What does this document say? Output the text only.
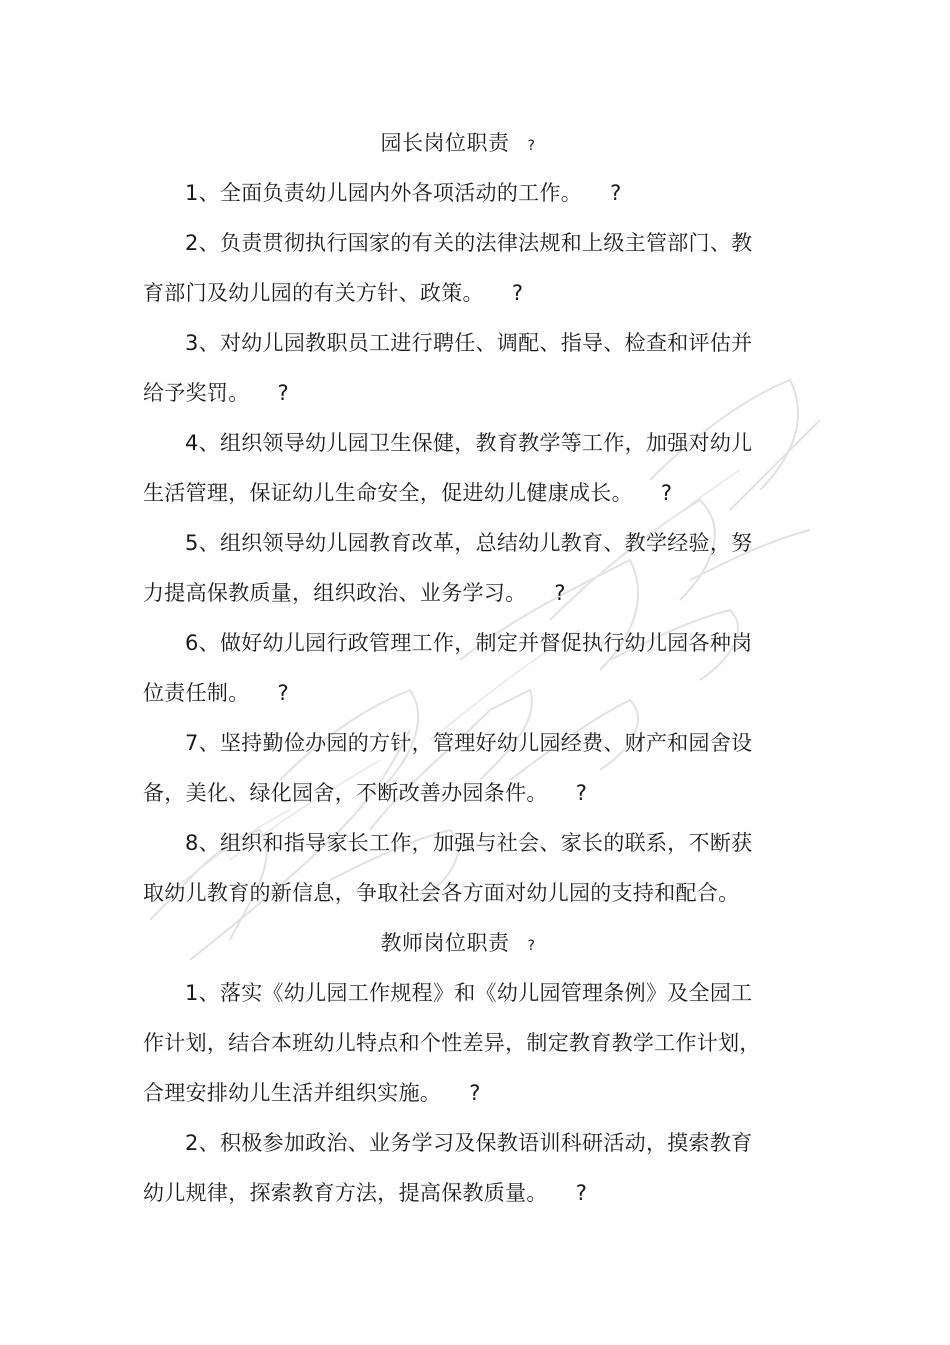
园长岗位职责 ?

1、全面负责幼儿园内外各项活动的工作。 ?

2、负责贯彻执行国家的有关的法律法规和上级主管部门、教育部门及幼儿园的有关方针、政策。 ?

3、对幼儿园教职员工进行聘任、调配、指导、检查和评估并给予奖罚。 ?

4、组织领导幼儿园卫生保健，教育教学等工作，加强对幼儿生活管理，保证幼儿生命安全，促进幼儿健康成长。 ?

5、组织领导幼儿园教育改革，总结幼儿教育、教学经验，努力提高保教质量，组织政治、业务学习。 ?

6、做好幼儿园行政管理工作，制定并督促执行幼儿园各种岗位责任制。 ?

7、坚持勤俭办园的方针，管理好幼儿园经费、财产和园舍设备，美化、绿化园舍，不断改善办园条件。 ?

8、组织和指导家长工作，加强与社会、家长的联系，不断获取幼儿教育的新信息，争取社会各方面对幼儿园的支持和配合。

教师岗位职责 ?

1、落实《幼儿园工作规程》和《幼儿园管理条例》及全园工作计划，结合本班幼儿特点和个性差异，制定教育教学工作计划，合理安排幼儿生活并组织实施。 ?

2、积极参加政治、业务学习及保教语训科研活动，摸索教育幼儿规律，探索教育方法，提高保教质量。 ?
